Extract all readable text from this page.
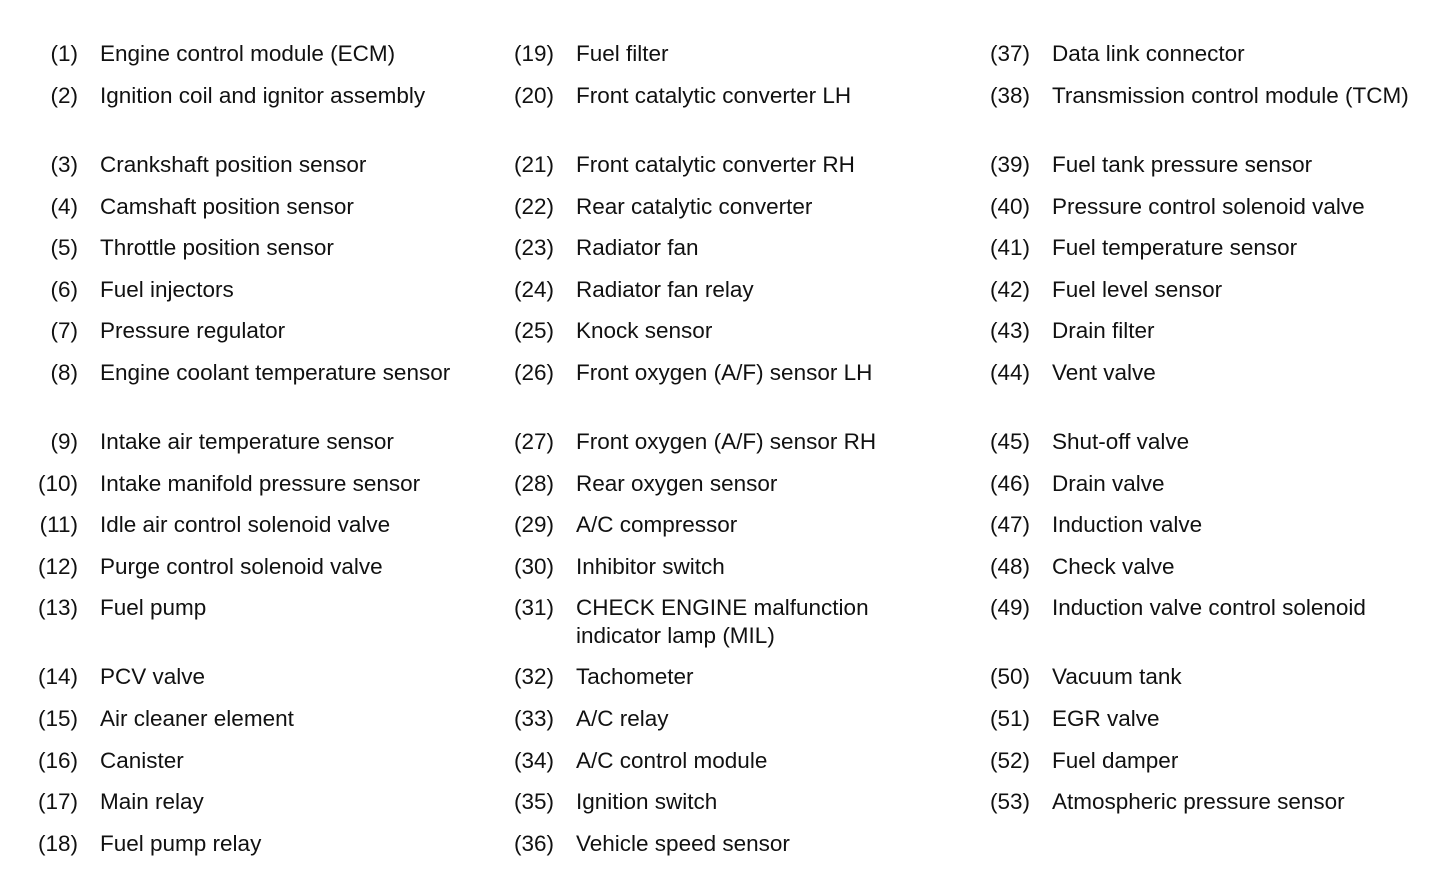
(1) Engine control module (ECM)
(2) Ignition coil and ignitor assembly
(3) Crankshaft position sensor
(4) Camshaft position sensor
(5) Throttle position sensor
(6) Fuel injectors
(7) Pressure regulator
(8) Engine coolant temperature sensor
(9) Intake air temperature sensor
(10) Intake manifold pressure sensor
(11) Idle air control solenoid valve
(12) Purge control solenoid valve
(13) Fuel pump
(14) PCV valve
(15) Air cleaner element
(16) Canister
(17) Main relay
(18) Fuel pump relay
(19) Fuel filter
(20) Front catalytic converter LH
(21) Front catalytic converter RH
(22) Rear catalytic converter
(23) Radiator fan
(24) Radiator fan relay
(25) Knock sensor
(26) Front oxygen (A/F) sensor LH
(27) Front oxygen (A/F) sensor RH
(28) Rear oxygen sensor
(29) A/C compressor
(30) Inhibitor switch
(31) CHECK ENGINE malfunction indicator lamp (MIL)
(32) Tachometer
(33) A/C relay
(34) A/C control module
(35) Ignition switch
(36) Vehicle speed sensor
(37) Data link connector
(38) Transmission control module (TCM)
(39) Fuel tank pressure sensor
(40) Pressure control solenoid valve
(41) Fuel temperature sensor
(42) Fuel level sensor
(43) Drain filter
(44) Vent valve
(45) Shut-off valve
(46) Drain valve
(47) Induction valve
(48) Check valve
(49) Induction valve control solenoid
(50) Vacuum tank
(51) EGR valve
(52) Fuel damper
(53) Atmospheric pressure sensor
